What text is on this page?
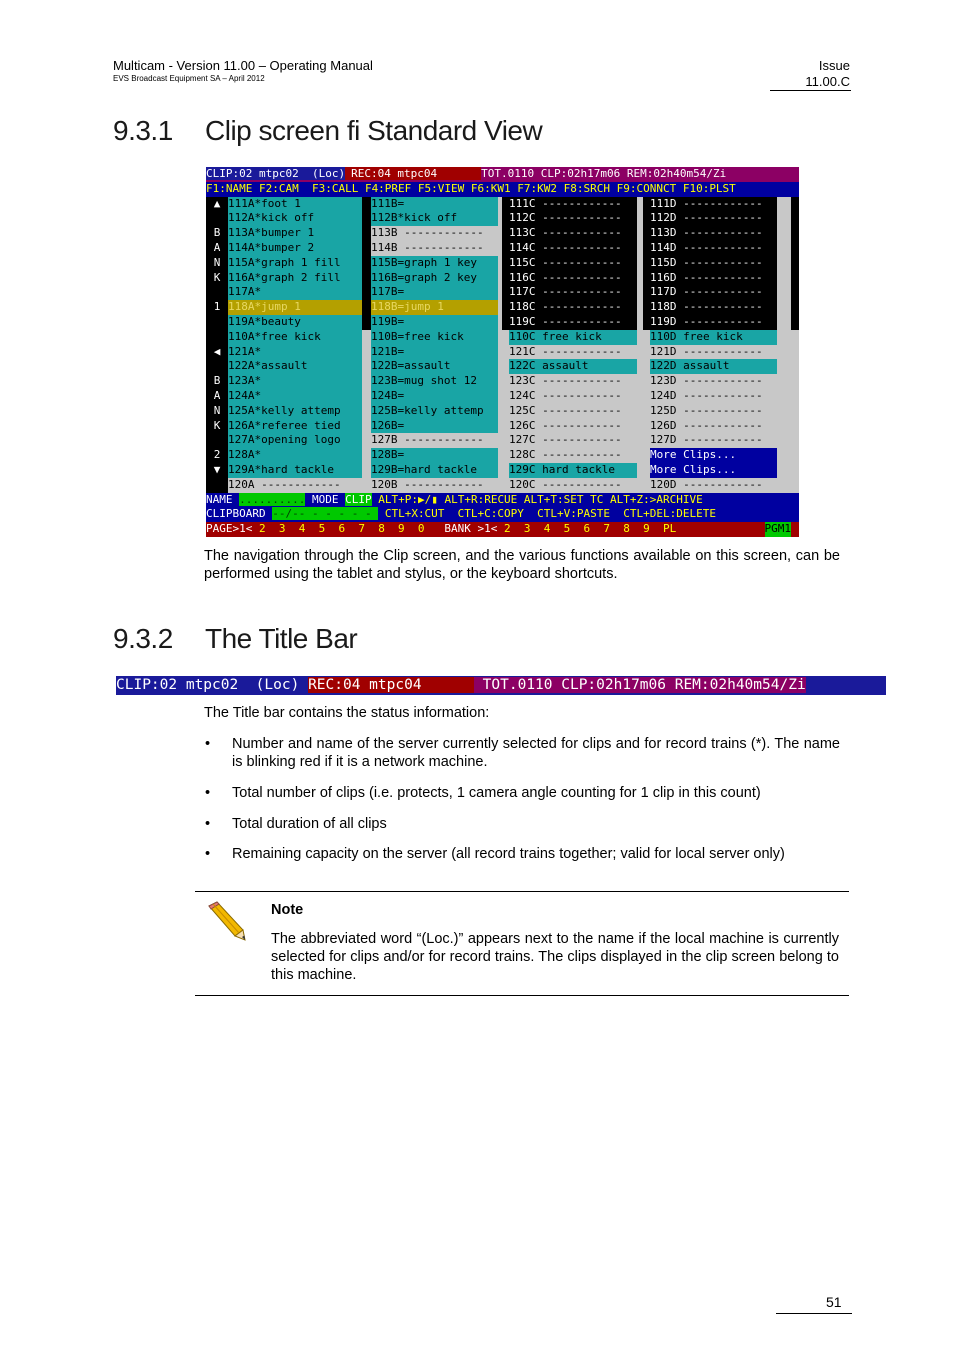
Multicam - Version 11.00 – Operating Manual
EVS Broadcast Equipment SA – April 2012
Issue
11.00.C
9.3.1 Clip screen fi Standard View
CLIP:02 mtpc02  (Loc) REC:04 mtpc04	TOT.0110 CLP:02h17m06 REM:02h40m54/Zi
F1:NAME F2:CAM  F3:CALL F4:PREF F5:VIEW F6:KW1 F7:KW2 F8:SRCH F9:CONNCT F10:PLST
▲ 111A*foot 1	111B=	111C ------------	111D ------------
112A*kick off	112B*kick off	112C ------------	112D ------------
B 113A*bumper 1	113B ------------	113C ------------	113D ------------
A 114A*bumper 2	114B ------------	114C ------------	114D ------------
N 115A*graph 1 fill	115B=graph 1 key	115C ------------	115D ------------
K 116A*graph 2 fill	116B=graph 2 key	116C ------------	116D ------------
117A*	117B=	117C ------------	117D ------------
1 118A*jump 1	118B=jump 1	118C ------------	118D ------------
119A*beauty	119B=	119C ------------	119D ------------
110A*free kick	110B=free kick	110C free kick	110D free kick
◀ 121A*	121B=	121C ------------	121D ------------
122A*assault	122B=assault	122C assault	122D assault
B 123A*	123B=mug shot 12	123C ------------	123D ------------
A 124A*	124B=	124C ------------	124D ------------
N 125A*kelly attemp	125B=kelly attemp	125C ------------	125D ------------
K 126A*referee tied	126B=	126C ------------	126D ------------
127A*opening logo	127B ------------	127C ------------	127D ------------
2 128A*	128B=	128C ------------	More Clips...
▼ 129A*hard tackle	129B=hard tackle	129C hard tackle	More Clips...
120A ------------	120B ------------	120C ------------	120D ------------
NAME .......... MODE CLIP ALT+P:▶/▮ ALT+R:RECUE ALT+T:SET TC ALT+Z:>ARCHIVE
CLIPBOARD --/-- - - - - -  CTL+X:CUT  CTL+C:COPY  CTL+V:PASTE  CTL+DEL:DELETE
PAGE>1< 2  3  4  5  6  7  8  9  0   BANK >1< 2  3  4  5  6  7  8  9  PL	PGM1

The navigation through the Clip screen, and the various functions available on this screen, can be performed using the tablet and stylus, or the keyboard shortcuts.

9.3.2 The Title Bar
CLIP:02 mtpc02  (Loc) REC:04 mtpc04       TOT.0110 CLP:02h17m06 REM:02h40m54/Zi

The Title bar contains the status information:

• Number and name of the server currently selected for clips and for record trains (*). The name is blinking red if it is a network machine.
• Total number of clips (i.e. protects, 1 camera angle counting for 1 clip in this count)
• Total duration of all clips
• Remaining capacity on the server (all record trains together; valid for local server only)
Note

The abbreviated word “(Loc.)” appears next to the name if the local machine is currently selected for clips and/or for record trains. The clips displayed in the clip screen belong to this machine.

51
